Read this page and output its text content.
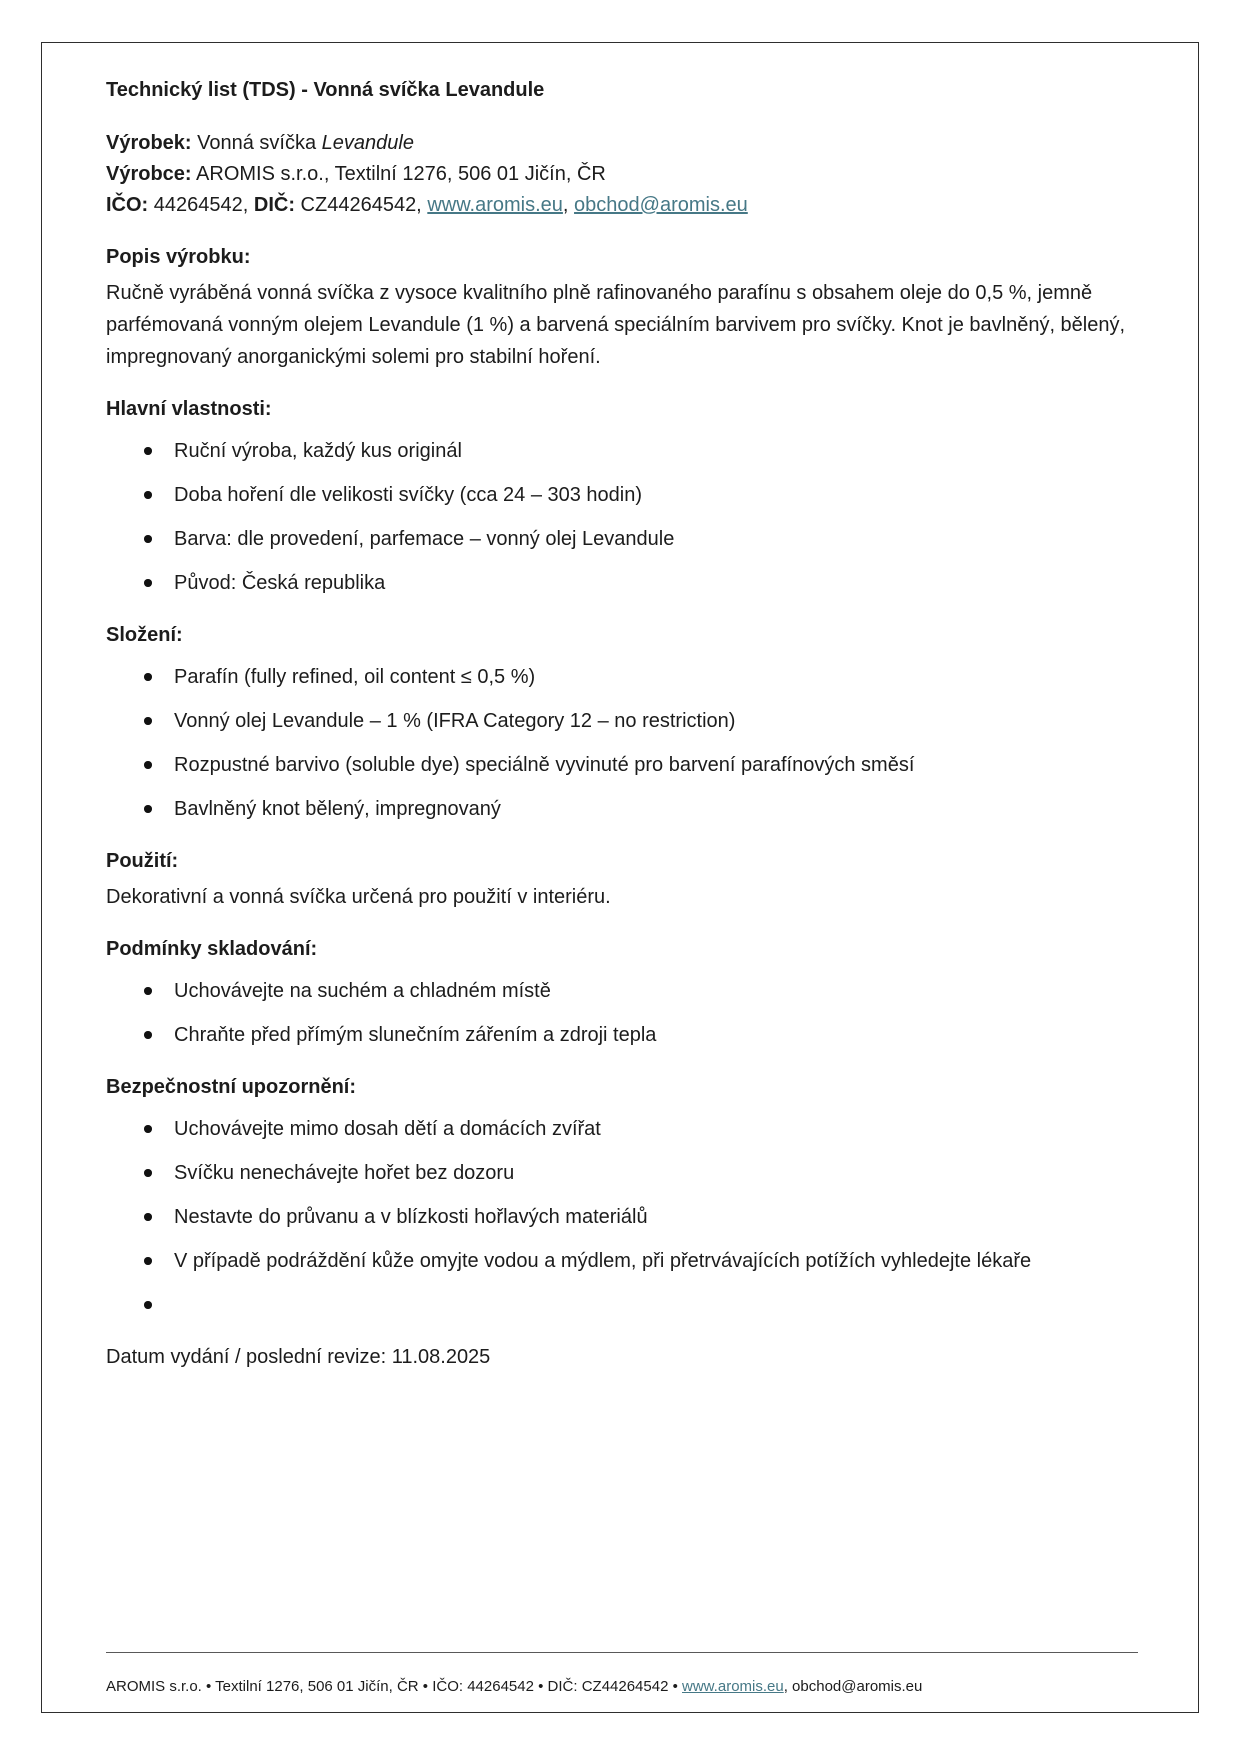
Technický list (TDS) - Vonná svíčka Levandule

Výrobek: Vonná svíčka Levandule

Výrobce: AROMIS s.r.o., Textilní 1276, 506 01 Jičín, ČR

IČO: 44264542, DIČ: CZ44264542, www.aromis.eu, obchod@aromis.eu

Popis výrobku:

Ručně vyráběná vonná svíčka z vysoce kvalitního plně rafinovaného parafínu s obsahem oleje do 0,5 %, jemně parfémovaná vonným olejem Levandule (1 %) a barvená speciálním barvivem pro svíčky. Knot je bavlněný, bělený, impregnovaný anorganickými solemi pro stabilní hoření.

Hlavní vlastnosti:
Ruční výroba, každý kus originál
Doba hoření dle velikosti svíčky (cca 24 – 303 hodin)
Barva: dle provedení, parfemace – vonný olej Levandule
Původ: Česká republika
Složení:
Parafín (fully refined, oil content ≤ 0,5 %)
Vonný olej Levandule – 1 % (IFRA Category 12 – no restriction)
Rozpustné barvivo (soluble dye) speciálně vyvinuté pro barvení parafínových směsí
Bavlněný knot bělený, impregnovaný
Použití:

Dekorativní a vonná svíčka určená pro použití v interiéru.

Podmínky skladování:
Uchovávejte na suchém a chladném místě
Chraňte před přímým slunečním zářením a zdroji tepla
Bezpečnostní upozornění:
Uchovávejte mimo dosah dětí a domácích zvířat
Svíčku nenechávejte hořet bez dozoru
Nestavte do průvanu a v blízkosti hořlavých materiálů
V případě podráždění kůže omyjte vodou a mýdlem, při přetrvávajících potížích vyhledejte lékaře

Datum vydání / poslední revize: 11.08.2025

AROMIS s.r.o. • Textilní 1276, 506 01 Jičín, ČR • IČO: 44264542 • DIČ: CZ44264542 • www.aromis.eu, obchod@aromis.eu
